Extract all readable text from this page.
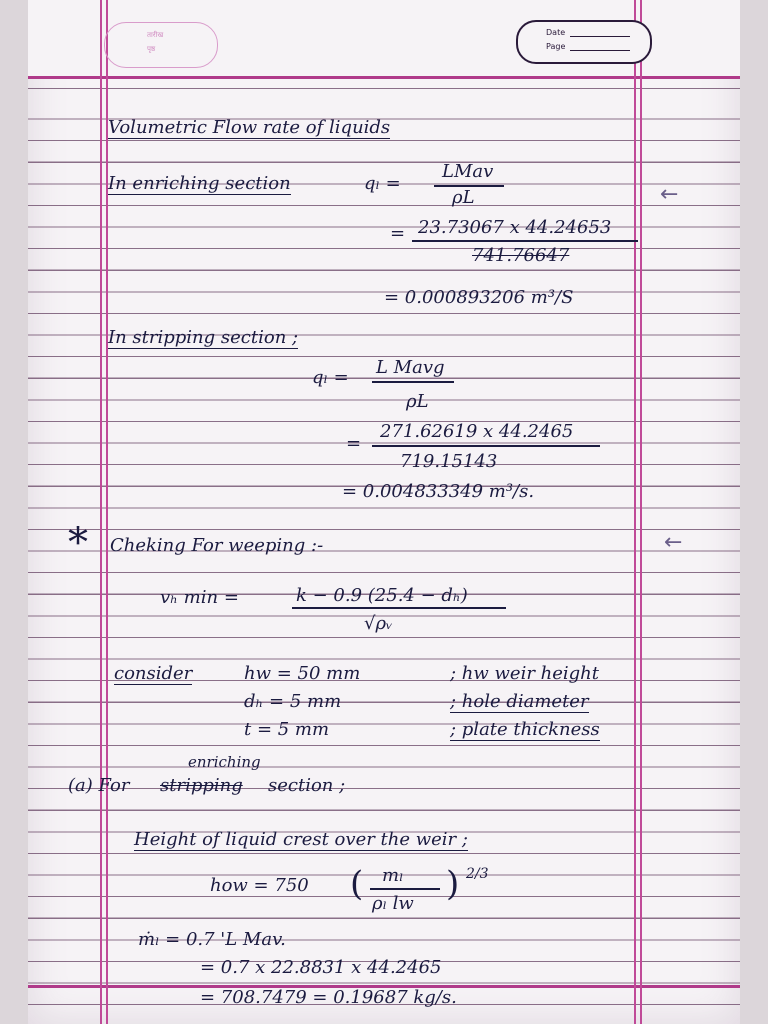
तारीख
पृष्ठ
Date
Page
Volumetric Flow rate of liquids
In enriching section	qₗ =
LMav
ρL	←
= 23.73067 x 44.24653
741.76647
= 0.000893206 m³/S
In stripping section ;
qₗ = L Mavg
ρL
=
271.62619 x 44.2465
719.15143
= 0.004833349 m³/s.
* Cheking For weeping :-	←
vₕ min =	k − 0.9 (25.4 − dₕ)
√ρᵥ
consider	hw = 50 mm	; hw weir height
dₕ = 5 mm	; hole diameter
t = 5 mm	; plate thickness
enriching
(a) For stripping section ;
Height of liquid crest over the weir ;
how = 750 ( mₗ
ρₗ lw ) 2/3
ṁₗ = 0.7 'L Mav.
= 0.7 x 22.8831 x 44.2465
= 708.7479 = 0.19687 kg/s.
